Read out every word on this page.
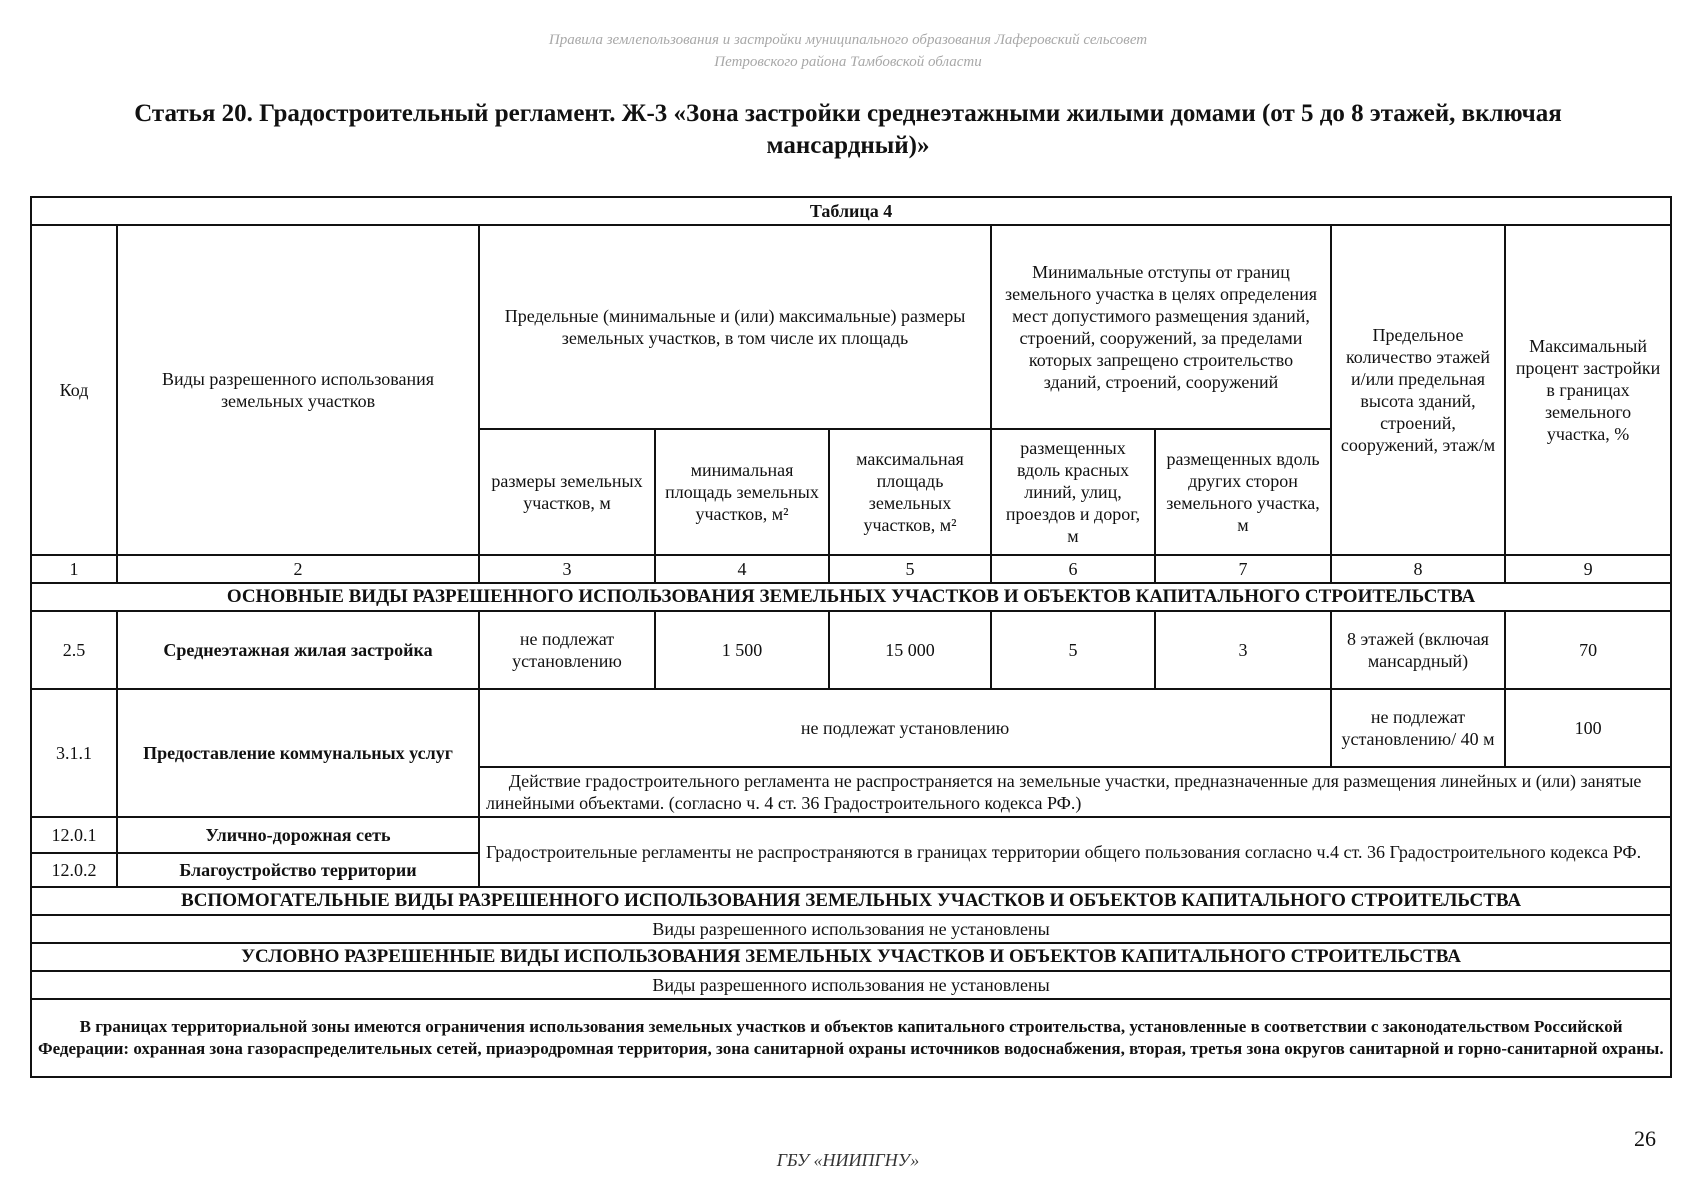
Правила землепользования и застройки муниципального образования Лаферовский сельсовет
Петровского района Тамбовской области
Статья 20. Градостроительный регламент. Ж-3 «Зона застройки среднеэтажными жилыми домами (от 5 до 8 этажей, включая мансардный)»
Таблица 4								
Код	Виды разрешенного использования земельных участков	Предельные (минимальные и (или) максимальные) размеры земельных участков, в том числе их площадь			Минимальные отступы от границ земельного участка в целях определения мест допустимого размещения зданий, строений, сооружений, за пределами которых запрещено строительство зданий, строений, сооружений		Предельное количество этажей и/или предельная высота зданий, строений, сооружений, этаж/м	Максимальный процент застройки в границах земельного участка, %
		размеры земельных участков, м	минимальная площадь земельных участков, м²	максимальная площадь земельных участков, м²	размещенных вдоль красных линий, улиц, проездов и дорог, м	размещенных вдоль других сторон земельного участка, м		
1	2	3	4	5	6	7	8	9
ОСНОВНЫЕ ВИДЫ РАЗРЕШЕННОГО ИСПОЛЬЗОВАНИЯ ЗЕМЕЛЬНЫХ УЧАСТКОВ И ОБЪЕКТОВ КАПИТАЛЬНОГО СТРОИТЕЛЬСТВА								
2.5	Среднеэтажная жилая застройка	не подлежат установлению	1 500	15 000	5	3	8 этажей (включая мансардный)	70
3.1.1	Предоставление коммунальных услуг	не подлежат установлению					не подлежат установлению/ 40 м	100
		Действие градостроительного регламента не распространяется на земельные участки, предназначенные для размещения линейных и (или) занятые линейными объектами. (согласно ч. 4 ст. 36 Градостроительного кодекса РФ.)						
12.0.1	Улично-дорожная сеть	Градостроительные регламенты не распространяются в границах территории общего пользования согласно ч.4 ст. 36 Градостроительного кодекса РФ.						
12.0.2	Благоустройство территории							
ВСПОМОГАТЕЛЬНЫЕ ВИДЫ РАЗРЕШЕННОГО ИСПОЛЬЗОВАНИЯ ЗЕМЕЛЬНЫХ УЧАСТКОВ И ОБЪЕКТОВ КАПИТАЛЬНОГО СТРОИТЕЛЬСТВА								
Виды разрешенного использования не установлены								
УСЛОВНО РАЗРЕШЕННЫЕ ВИДЫ ИСПОЛЬЗОВАНИЯ ЗЕМЕЛЬНЫХ УЧАСТКОВ И ОБЪЕКТОВ КАПИТАЛЬНОГО СТРОИТЕЛЬСТВА								
Виды разрешенного использования не установлены								
В границах территориальной зоны имеются ограничения использования земельных участков и объектов капитального строительства, установленные в соответствии с законодательством Российской Федерации: охранная зона газораспределительных сетей, приаэродромная территория, зона санитарной охраны источников водоснабжения, вторая, третья зона округов санитарной и горно-санитарной охраны.								
26
ГБУ «НИИПГНУ»
